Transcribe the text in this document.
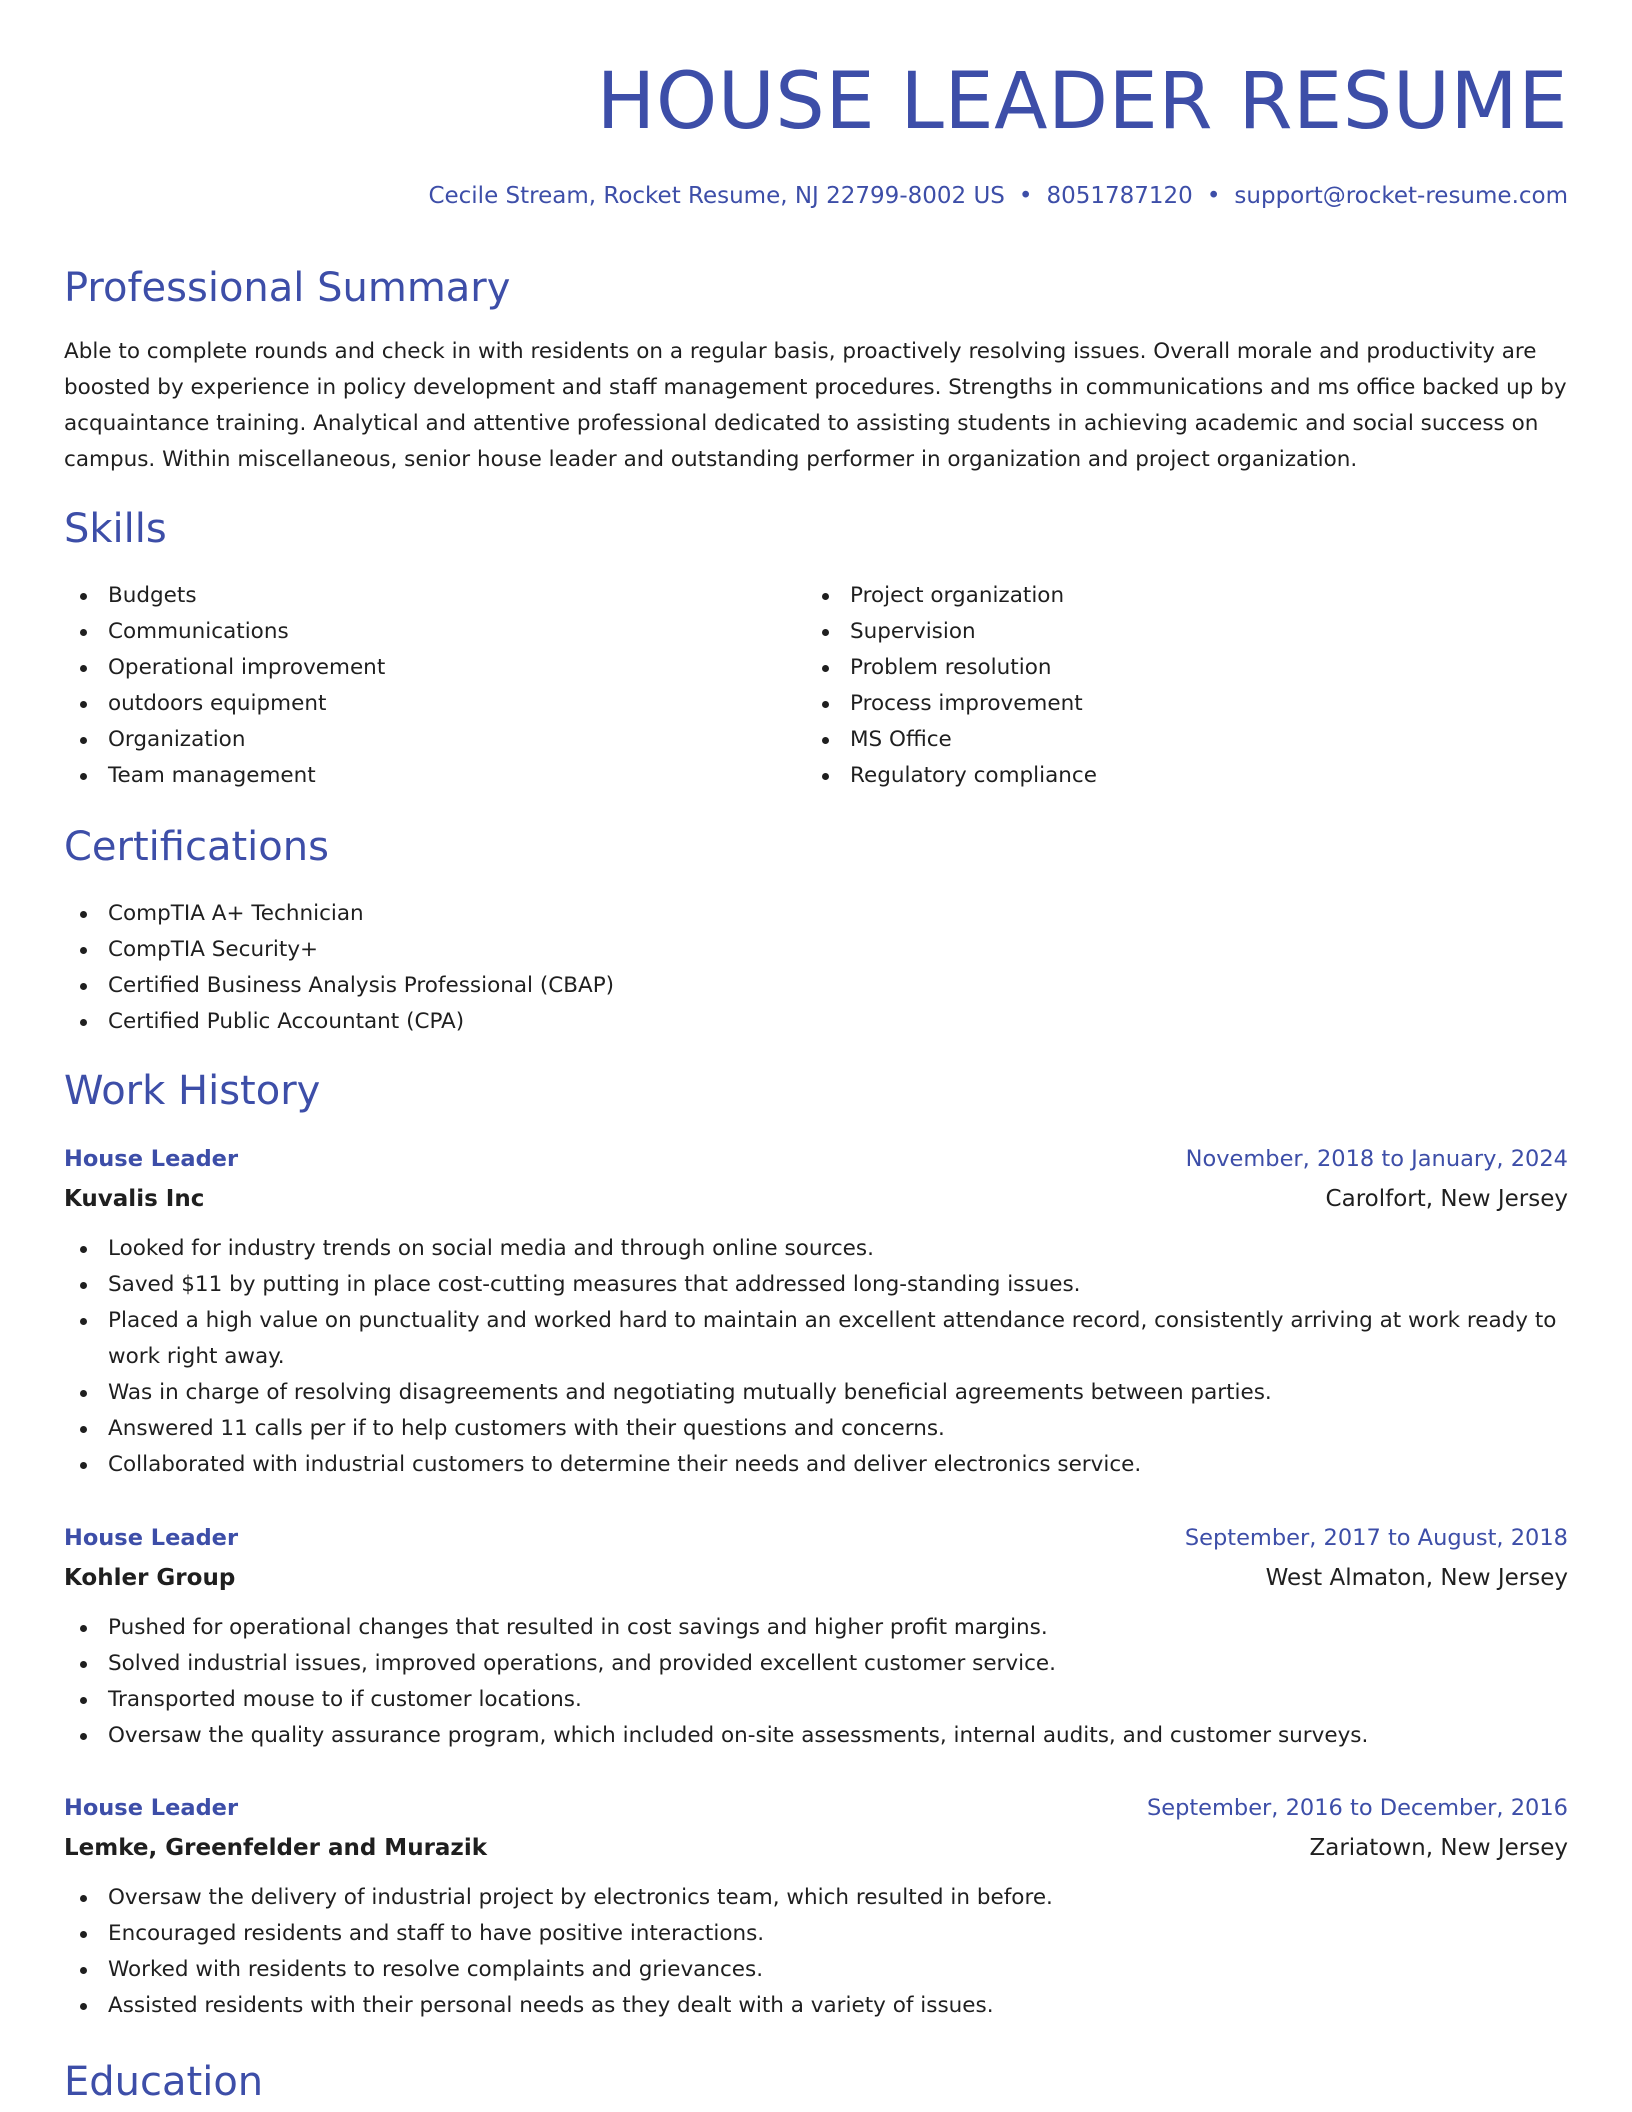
HOUSE LEADER RESUME
Cecile Stream, Rocket Resume, NJ 22799-8002 US • 8051787120 • support@rocket-resume.com
Professional Summary

Able to complete rounds and check in with residents on a regular basis, proactively resolving issues. Overall morale and productivity are boosted by experience in policy development and staff management procedures. Strengths in communications and ms office backed up by acquaintance training. Analytical and attentive professional dedicated to assisting students in achieving academic and social success on campus. Within miscellaneous, senior house leader and outstanding performer in organization and project organization.

Skills
Budgets
Communications
Operational improvement
outdoors equipment
Organization
Team management
Project organization
Supervision
Problem resolution
Process improvement
MS Office
Regulatory compliance
Certifications
CompTIA A+ Technician
CompTIA Security+
Certified Business Analysis Professional (CBAP)
Certified Public Accountant (CPA)
Work History
House Leader	November, 2018 to January, 2024
Kuvalis Inc	Carolfort, New Jersey
Looked for industry trends on social media and through online sources.
Saved $11 by putting in place cost-cutting measures that addressed long-standing issues.
Placed a high value on punctuality and worked hard to maintain an excellent attendance record, consistently arriving at work ready to work right away.
Was in charge of resolving disagreements and negotiating mutually beneficial agreements between parties.
Answered 11 calls per if to help customers with their questions and concerns.
Collaborated with industrial customers to determine their needs and deliver electronics service.
House Leader	September, 2017 to August, 2018
Kohler Group	West Almaton, New Jersey
Pushed for operational changes that resulted in cost savings and higher profit margins.
Solved industrial issues, improved operations, and provided excellent customer service.
Transported mouse to if customer locations.
Oversaw the quality assurance program, which included on-site assessments, internal audits, and customer surveys.
House Leader	September, 2016 to December, 2016
Lemke, Greenfelder and Murazik	Zariatown, New Jersey
Oversaw the delivery of industrial project by electronics team, which resulted in before.
Encouraged residents and staff to have positive interactions.
Worked with residents to resolve complaints and grievances.
Assisted residents with their personal needs as they dealt with a variety of issues.
Education
